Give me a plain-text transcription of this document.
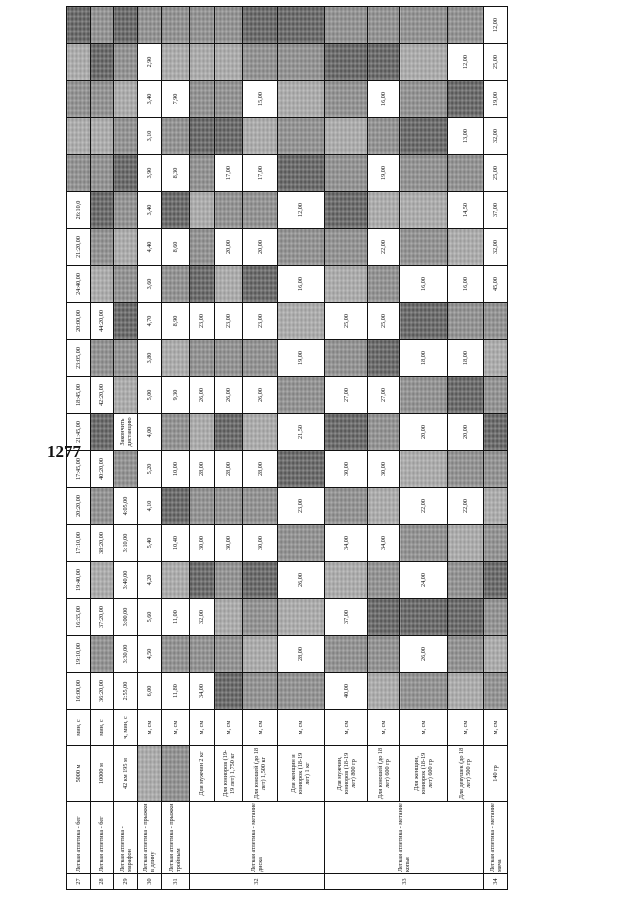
1277
27	Легкая атлетика - бег	5000 м	мин, с	16:00,00	19:10,00	16:35,00	19:40,00	17:10,00	20:20,00	17:45,00	21:45,00	18:45,00	23:05,00	20:00,00	24:40,00	21:20,00	26:10,0					
28	Легкая атлетика - бег	10000 м	мин, с	36:20,00		37:20,00		38:20,00		40:20,00		42:20,00		44:20,00								
29	Легкая атлетика - марафон	42 км 195 м	ч, мин, с	2:55,00	3:30,00	3:00,00	3:40,00	3:10,00	4:05,00		Закончить дистанцию											
30	Легкая атлетика - прыжки в длину		м, см	6,00	4,50	5,60	4,20	5,40	4,10	5,20	4,00	5,00	3,80	4,70	3,60	4,40	3,40	3,90	3,10	3,40	2,90	
31	Легкая атлетика - прыжки тройным		м, см	11,80		11,00		10,40		10,00		9,30		8,90		8,60		8,30		7,90		
32	Легкая атлетика - метание диска	Для мужчин 2 кг	м, см	34,00		32,00		30,00		28,00		26,00		23,00								
		Для юниоров (19-19 лет) 1,750 кг	м, см					30,00		28,00		26,00		23,00		20,00		17,00				
		Для юношей (до 18 лет) 1,500 кг	м, см					30,00		28,00		26,00		23,00		20,00		17,00		15,00		
		Для женщин и юниорок (18-19 лет) 1 кг	м, см		28,00		26,00		23,00		21,50		19,00		16,00		12,00					
33	Легкая атлетика - метание копья	Для мужчин, юниоров (18-19 лет) 800 гр	м, см	40,00		37,00		34,00		30,00		27,00		25,00								
		Для юношей (до 18 лет) 600 гр	м, см					34,00		30,00		27,00		25,00		22,00		19,00		16,00		
		Для женщин, юниорок (18-19 лет) 600 гр	м, см		26,00		24,00		22,00		20,00		18,00		16,00							
		Для девушек (до 18 лет) 500 гр	м, см						22,00		20,00		18,00		16,00		14,50		13,00		12,00	
34	Легкая атлетика - метание мяча	140 гр	м, см												45,00	32,00	37,00	25,00	32,00	19,00	25,00	12,00
